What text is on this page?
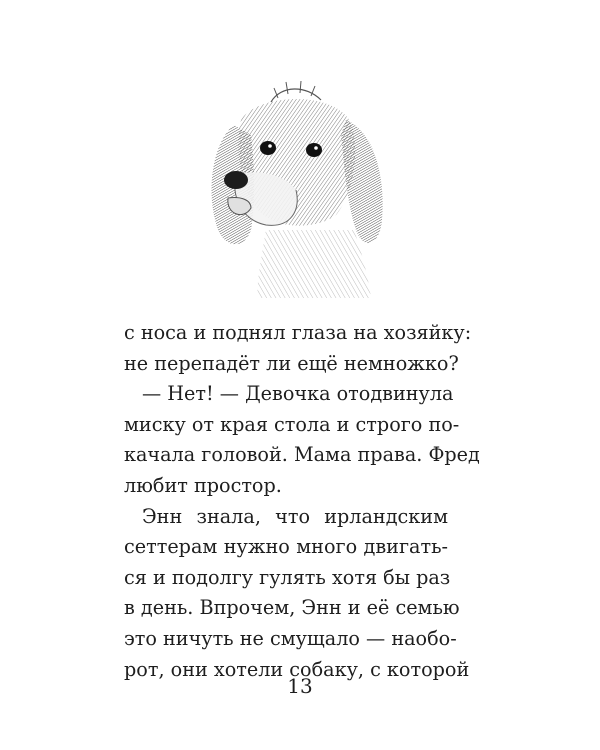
с носа и поднял глаза на хозяйку:
не перепадёт ли ещё немножко?
— Нет! — Девочка отодвинула
миску от края стола и строго по-
качала головой. Мама права. Фред
любит простор.
Энн знала, что ирландским
сеттерам нужно много двигать-
ся и подолгу гулять хотя бы раз
в день. Впрочем, Энн и её семью
это ничуть не смущало — наобо-
рот, они хотели собаку, с которой
13
